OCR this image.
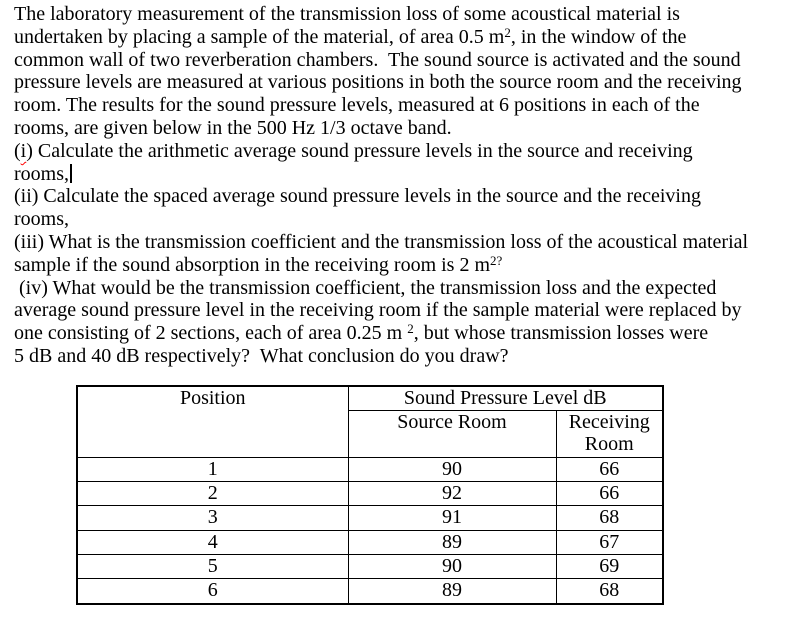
The laboratory measurement of the transmission loss of some acoustical material is
undertaken by placing a sample of the material, of area 0.5 $m^2$, in the window of the
common wall of two reverberation chambers.  The sound source is activated and the sound
pressure levels are measured at various positions in both the source room and the receiving
room. The results for the sound pressure levels, measured at 6 positions in each of the
rooms, are given below in the 500 Hz 1/3 octave band.
(i) Calculate the arithmetic average sound pressure levels in the source and receiving
rooms,
(ii) Calculate the spaced average sound pressure levels in the source and the receiving
rooms,
(iii) What is the transmission coefficient and the transmission loss of the acoustical material
sample if the sound absorption in the receiving room is 2 $m^{2?}$
(iv) What would be the transmission coefficient, the transmission loss and the expected
average sound pressure level in the receiving room if the sample material were replaced by
one consisting of 2 sections, each of area 0.25 m $^2$, but whose transmission losses were
5 dB and 40 dB respectively?  What conclusion do you draw?
Position	Sound Pressure Level dB	
	Source Room	Receiving Room
1	90	66
2	92	66
3	91	68
4	89	67
5	90	69
6	89	68
